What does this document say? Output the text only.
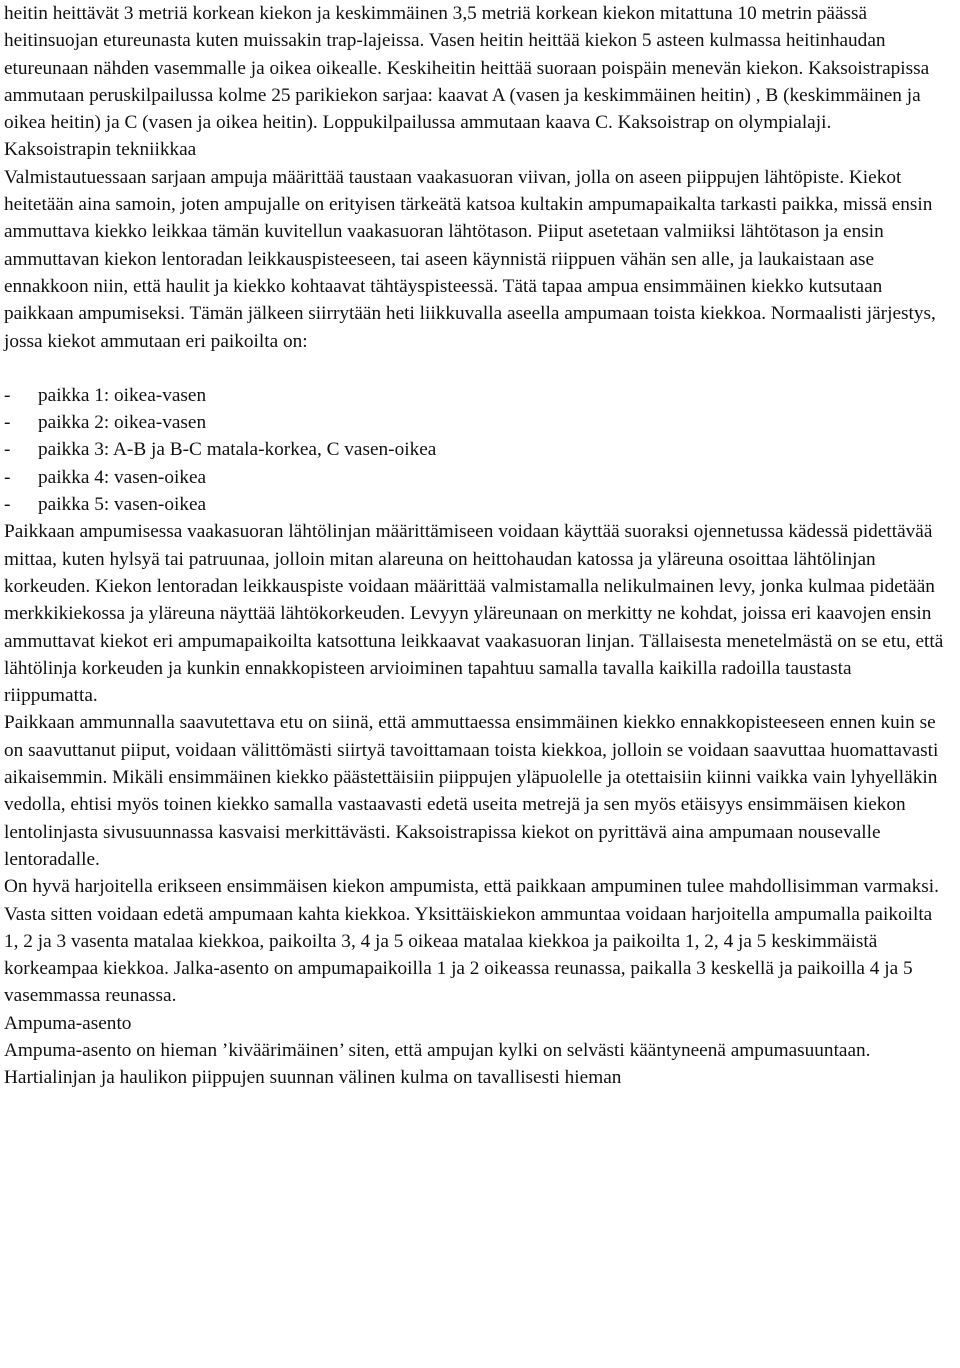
heitin heittävät 3 metriä korkean kiekon ja keskimmäinen 3,5 metriä korkean kiekon mitattuna 10 metrin päässä heitinsuojan etureunasta kuten muissakin trap-lajeissa. Vasen heitin heittää kiekon 5 asteen kulmassa heitinhaudan etureunaan nähden vasemmalle ja oikea oikealle. Keskiheitin heittää suoraan poispäin menevän kiekon. Kaksoistrapissa ammutaan peruskilpailussa kolme 25 parikiekon sarjaa: kaavat A (vasen ja keskimmäinen heitin) , B (keskimmäinen ja oikea heitin) ja C (vasen ja oikea heitin). Loppukilpailussa ammutaan kaava C. Kaksoistrap on olympialaji.

Kaksoistrapin tekniikkaa

Valmistautuessaan sarjaan ampuja määrittää taustaan vaakasuoran viivan, jolla on aseen piippujen lähtöpiste. Kiekot heitetään aina samoin, joten ampujalle on erityisen tärkeätä katsoa kultakin ampumapaikalta tarkasti paikka, missä ensin ammuttava kiekko leikkaa tämän kuvitellun vaakasuoran lähtötason. Piiput asetetaan valmiiksi lähtötason ja ensin ammuttavan kiekon lentoradan leikkauspisteeseen, tai aseen käynnistä riippuen vähän sen alle, ja laukaistaan ase ennakkoon niin, että haulit ja kiekko kohtaavat tähtäyspisteessä. Tätä tapaa ampua ensimmäinen kiekko kutsutaan paikkaan ampumiseksi. Tämän jälkeen siirrytään heti liikkuvalla aseella ampumaan toista kiekkoa. Normaalisti järjestys, jossa kiekot ammutaan eri paikoilta on:

-	paikka 1: oikea-vasen
-	paikka 2: oikea-vasen
-	paikka 3: A-B ja B-C matala-korkea, C vasen-oikea
-	paikka 4: vasen-oikea
-	paikka 5: vasen-oikea

Paikkaan ampumisessa vaakasuoran lähtölinjan määrittämiseen voidaan käyttää suoraksi ojennetussa kädessä pidettävää mittaa, kuten hylsyä tai patruunaa, jolloin mitan alareuna on heittohaudan katossa ja yläreuna osoittaa lähtölinjan korkeuden. Kiekon lentoradan leikkauspiste voidaan määrittää valmistamalla nelikulmainen levy, jonka kulmaa pidetään merkkikiekossa ja yläreuna näyttää lähtökorkeuden. Levyyn yläreunaan on merkitty ne kohdat, joissa eri kaavojen ensin ammuttavat kiekot eri ampumapaikoilta katsottuna leikkaavat vaakasuoran linjan. Tällaisesta menetelmästä on se etu, että lähtölinja korkeuden ja kunkin ennakkopisteen arvioiminen tapahtuu samalla tavalla kaikilla radoilla taustasta riippumatta.

Paikkaan ammunnalla saavutettava etu on siinä, että ammuttaessa ensimmäinen kiekko ennakkopisteeseen ennen kuin se on saavuttanut piiput, voidaan välittömästi siirtyä tavoittamaan toista kiekkoa, jolloin se voidaan saavuttaa huomattavasti aikaisemmin. Mikäli ensimmäinen kiekko päästettäisiin piippujen yläpuolelle ja otettaisiin kiinni vaikka vain lyhyelläkin vedolla, ehtisi myös toinen kiekko samalla vastaavasti edetä useita metrejä ja sen myös etäisyys ensimmäisen kiekon lentolinjasta sivusuunnassa kasvaisi merkittävästi. Kaksoistrapissa kiekot on pyrittävä aina ampumaan nousevalle lentoradalle.

On hyvä harjoitella erikseen ensimmäisen kiekon ampumista, että paikkaan ampuminen tulee mahdollisimman varmaksi. Vasta sitten voidaan edetä ampumaan kahta kiekkoa. Yksittäiskiekon ammuntaa voidaan harjoitella ampumalla paikoilta 1, 2 ja 3 vasenta matalaa kiekkoa, paikoilta 3, 4 ja 5 oikeaa matalaa kiekkoa ja paikoilta 1, 2, 4 ja 5 keskimmäistä korkeampaa kiekkoa. Jalka-asento on ampumapaikoilla 1 ja 2 oikeassa reunassa, paikalla 3 keskellä ja paikoilla 4 ja 5 vasemmassa reunassa.

Ampuma-asento

Ampuma-asento on hieman ’kiväärimäinen’ siten, että ampujan kylki on selvästi kääntyneenä ampumasuuntaan. Hartialinjan ja haulikon piippujen suunnan välinen kulma on tavallisesti hieman
